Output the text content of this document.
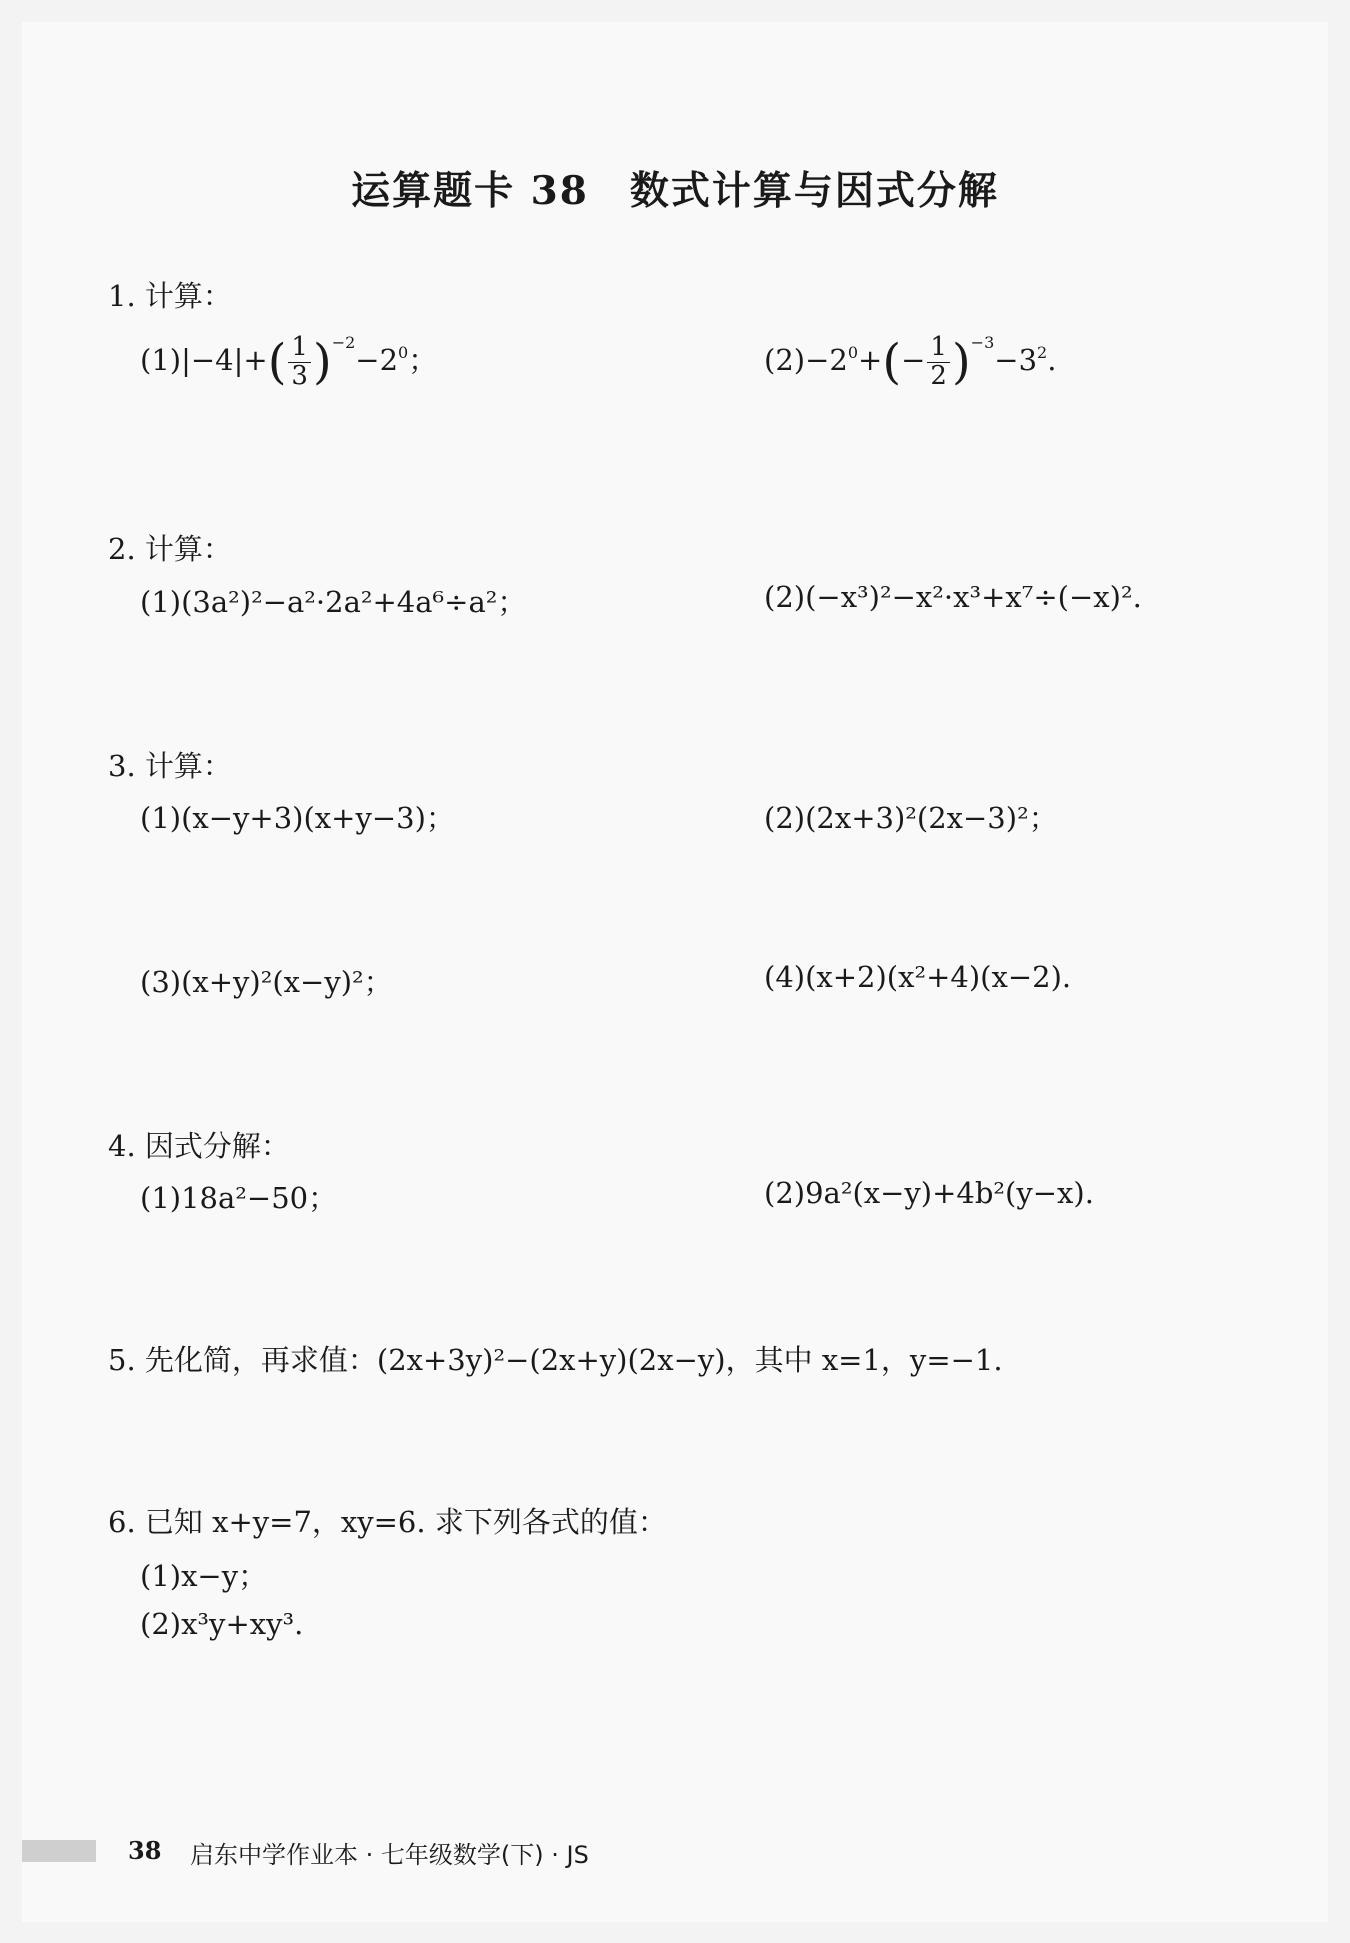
运算题卡 38　数式计算与因式分解
1. 计算：
$(1)|-4|+( \frac{1}{3} )^{-2}-2^0$；	$(2)-2^0+(- \frac{1}{2} )^{-3}-3^2$.
2. 计算：
(1)(3a²)²−a²·2a²+4a⁶÷a²；	(2)(−x³)²−x²·x³+x⁷÷(−x)².
3. 计算：
(1)(x−y+3)(x+y−3)；	(2)(2x+3)²(2x−3)²；
(3)(x+y)²(x−y)²；	(4)(x+2)(x²+4)(x−2).
4. 因式分解：
(1)18a²−50；	(2)9a²(x−y)+4b²(y−x).
5. 先化简，再求值：(2x+3y)²−(2x+y)(2x−y)，其中 x=1，y=−1.
6. 已知 x+y=7，xy=6. 求下列各式的值：
(1)x−y；
(2)x³y+xy³.
38 启东中学作业本 · 七年级数学(下) · JS
